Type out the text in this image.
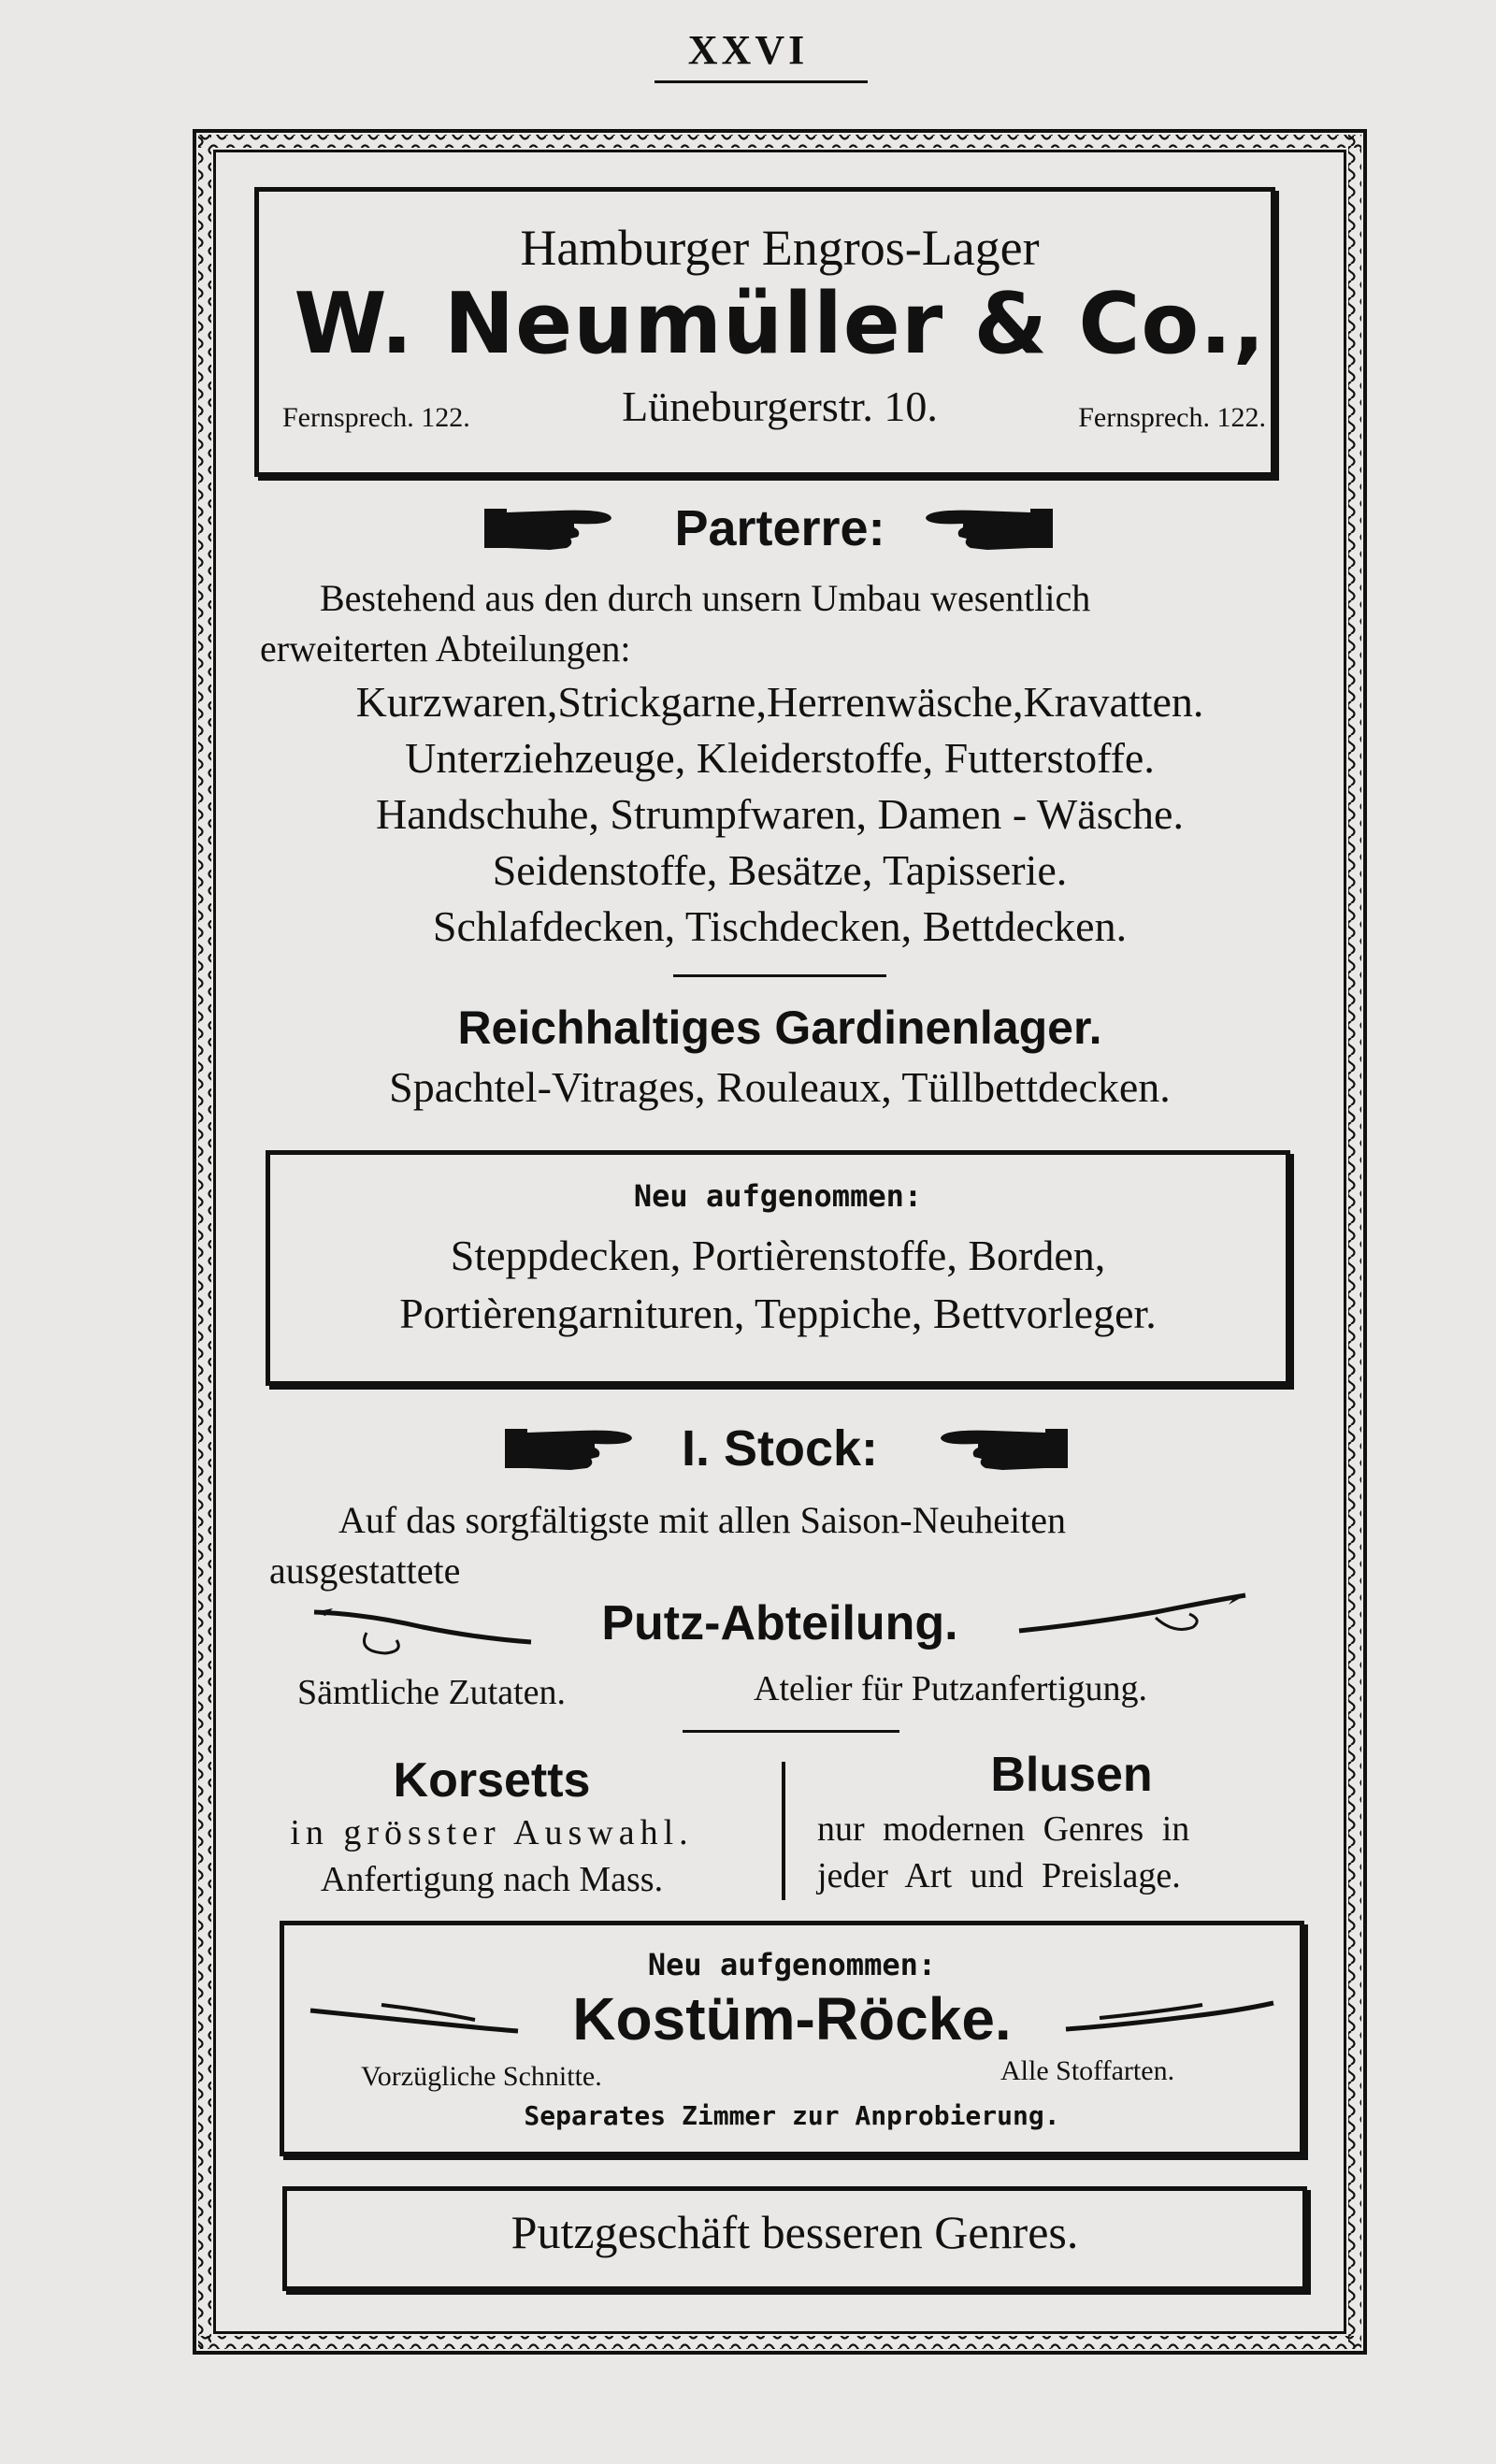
XXVI
Hamburger Engros-Lager
W. Neumüller & Co.,
Fernsprech. 122.	Lüneburgerstr. 10.	Fernsprech. 122.
Parterre:
Bestehend aus den durch unsern Umbau wesentlich
erweiterten Abteilungen:
Kurzwaren,Strickgarne,Herrenwäsche,Kravatten.
Unterziehzeuge, Kleiderstoffe, Futterstoffe.
Handschuhe, Strumpfwaren, Damen - Wäsche.
Seidenstoffe, Besätze, Tapisserie.
Schlafdecken, Tischdecken, Bettdecken.
Reichhaltiges Gardinenlager.
Spachtel-Vitrages, Rouleaux, Tüllbettdecken.
Neu aufgenommen:
Steppdecken, Portièrenstoffe, Borden,
Portièrengarnituren, Teppiche, Bettvorleger.
I. Stock:
Auf das sorgfältigste mit allen Saison-Neuheiten
ausgestattete
Putz-Abteilung.
Sämtliche Zutaten.	Atelier für Putzanfertigung.
Korsetts
in grösster Auswahl.
Anfertigung nach Mass.
Blusen
nur modernen Genres in
jeder Art und Preislage.
Neu aufgenommen:
Kostüm-Röcke.
Vorzügliche Schnitte.	Alle Stoffarten.
Separates Zimmer zur Anprobierung.
Putzgeschäft besseren Genres.
